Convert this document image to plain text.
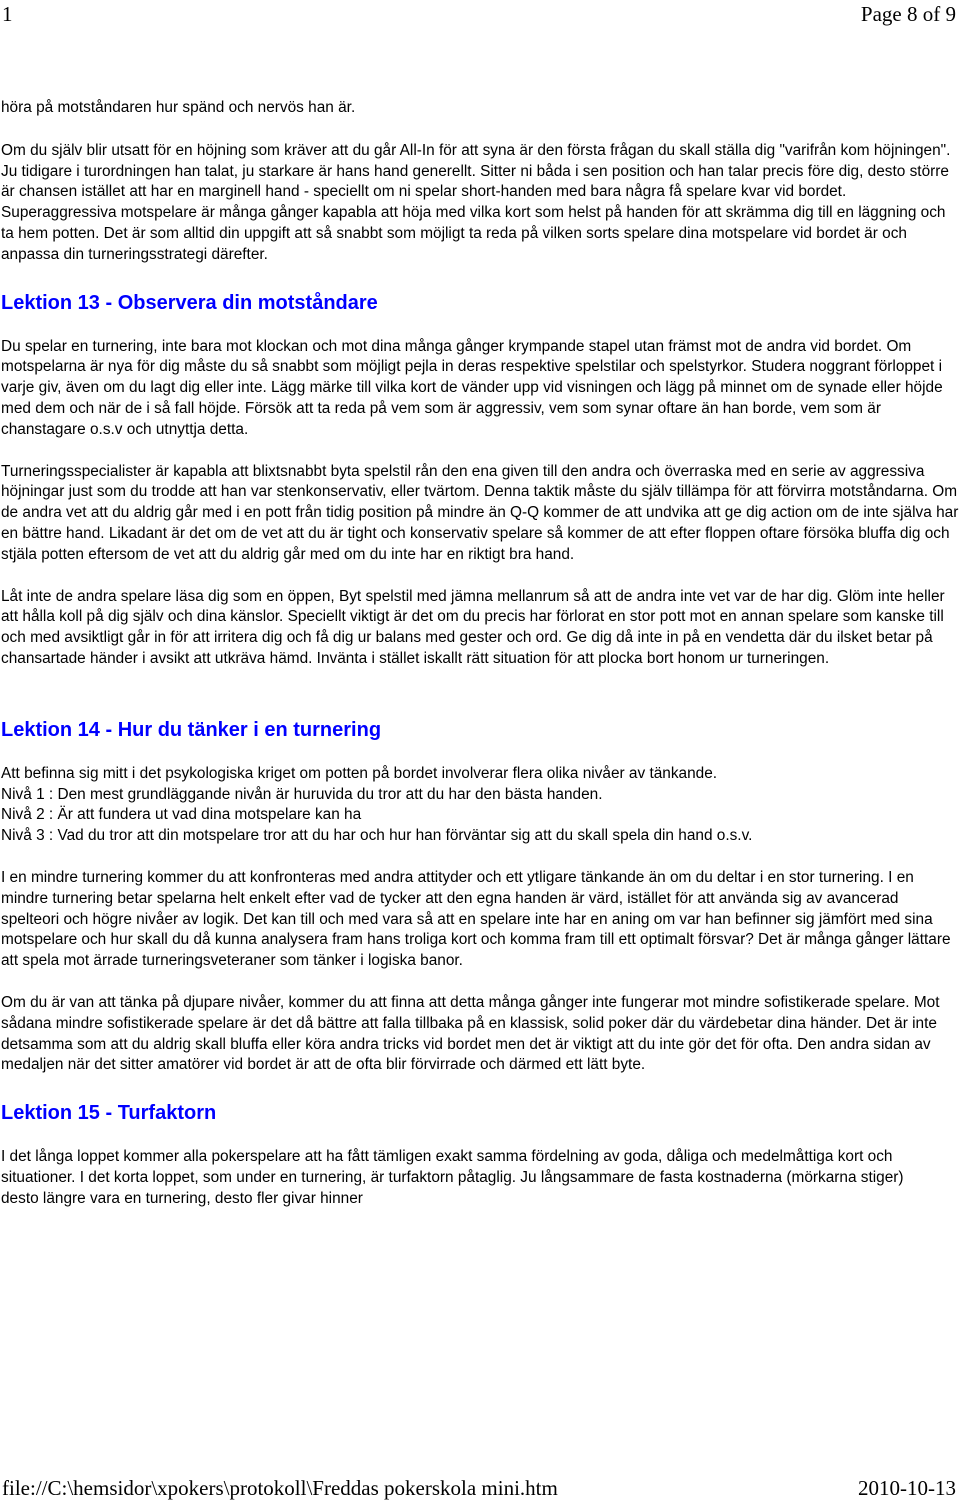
1	Page 8 of 9

höra på motståndaren hur spänd och nervös han är.

Om du själv blir utsatt för en höjning som kräver att du går All-In för att syna är den första frågan du skall ställa dig "varifrån kom höjningen". Ju tidigare i turordningen han talat, ju starkare är hans hand generellt. Sitter ni båda i sen position och han talar precis före dig, desto större är chansen istället att har en marginell hand - speciellt om ni spelar short-handen med bara några få spelare kvar vid bordet. Superaggressiva motspelare är många gånger kapabla att höja med vilka kort som helst på handen för att skrämma dig till en läggning och ta hem potten. Det är som alltid din uppgift att så snabbt som möjligt ta reda på vilken sorts spelare dina motspelare vid bordet är och anpassa din turneringsstrategi därefter.

Lektion 13 - Observera din motståndare

Du spelar en turnering, inte bara mot klockan och mot dina många gånger krympande stapel utan främst mot de andra vid bordet. Om motspelarna är nya för dig måste du så snabbt som möjligt pejla in deras respektive spelstilar och spelstyrkor. Studera noggrant förloppet i varje giv, även om du lagt dig eller inte. Lägg märke till vilka kort de vänder upp vid visningen och lägg på minnet om de synade eller höjde med dem och när de i så fall höjde. Försök att ta reda på vem som är aggressiv, vem som synar oftare än han borde, vem som är chanstagare o.s.v och utnyttja detta.

Turneringsspecialister är kapabla att blixtsnabbt byta spelstil rån den ena given till den andra och överraska med en serie av aggressiva höjningar just som du trodde att han var stenkonservativ, eller tvärtom. Denna taktik måste du själv tillämpa för att förvirra motståndarna. Om de andra vet att du aldrig går med i en pott från tidig position på mindre än Q-Q kommer de att undvika att ge dig action om de inte själva har en bättre hand. Likadant är det om de vet att du är tight och konservativ spelare så kommer de att efter floppen oftare försöka bluffa dig och stjäla potten eftersom de vet att du aldrig går med om du inte har en riktigt bra hand.

Låt inte de andra spelare läsa dig som en öppen, Byt spelstil med jämna mellanrum så att de andra inte vet var de har dig. Glöm inte heller att hålla koll på dig själv och dina känslor. Speciellt viktigt är det om du precis har förlorat en stor pott mot en annan spelare som kanske till och med avsiktligt går in för att irritera dig och få dig ur balans med gester och ord. Ge dig då inte in på en vendetta där du ilsket betar på chansartade händer i avsikt att utkräva hämd. Invänta i stället iskallt rätt situation för att plocka bort honom ur turneringen.

Lektion 14 - Hur du tänker i en turnering

Att befinna sig mitt i det psykologiska kriget om potten på bordet involverar flera olika nivåer av tänkande.

Nivå 1 : Den mest grundläggande nivån är huruvida du tror att du har den bästa handen.

Nivå 2 : Är att fundera ut vad dina motspelare kan ha

Nivå 3 : Vad du tror att din motspelare tror att du har och hur han förväntar sig att du skall spela din hand o.s.v.

I en mindre turnering kommer du att konfronteras med andra attityder och ett ytligare tänkande än om du deltar i en stor turnering. I en mindre turnering betar spelarna helt enkelt efter vad de tycker att den egna handen är värd, istället för att använda sig av avancerad spelteori och högre nivåer av logik. Det kan till och med vara så att en spelare inte har en aning om var han befinner sig jämfört med sina motspelare och hur skall du då kunna analysera fram hans troliga kort och komma fram till ett optimalt försvar? Det är många gånger lättare att spela mot ärrade turneringsveteraner som tänker i logiska banor.

Om du är van att tänka på djupare nivåer, kommer du att finna att detta många gånger inte fungerar mot mindre sofistikerade spelare. Mot sådana mindre sofistikerade spelare är det då bättre att falla tillbaka på en klassisk, solid poker där du värdebetar dina händer. Det är inte detsamma som att du aldrig skall bluffa eller köra andra tricks vid bordet men det är viktigt att du inte gör det för ofta. Den andra sidan av medaljen när det sitter amatörer vid bordet är att de ofta blir förvirrade och därmed ett lätt byte.

Lektion 15 - Turfaktorn

I det långa loppet kommer alla pokerspelare att ha fått tämligen exakt samma fördelning av goda, dåliga och medelmåttiga kort och situationer. I det korta loppet, som under en turnering, är turfaktorn påtaglig. Ju långsammare de fasta kostnaderna (mörkarna stiger) desto längre vara en turnering, desto fler givar hinner

file://C:\hemsidor\xpokers\protokoll\Freddas pokerskola mini.htm	2010-10-13
